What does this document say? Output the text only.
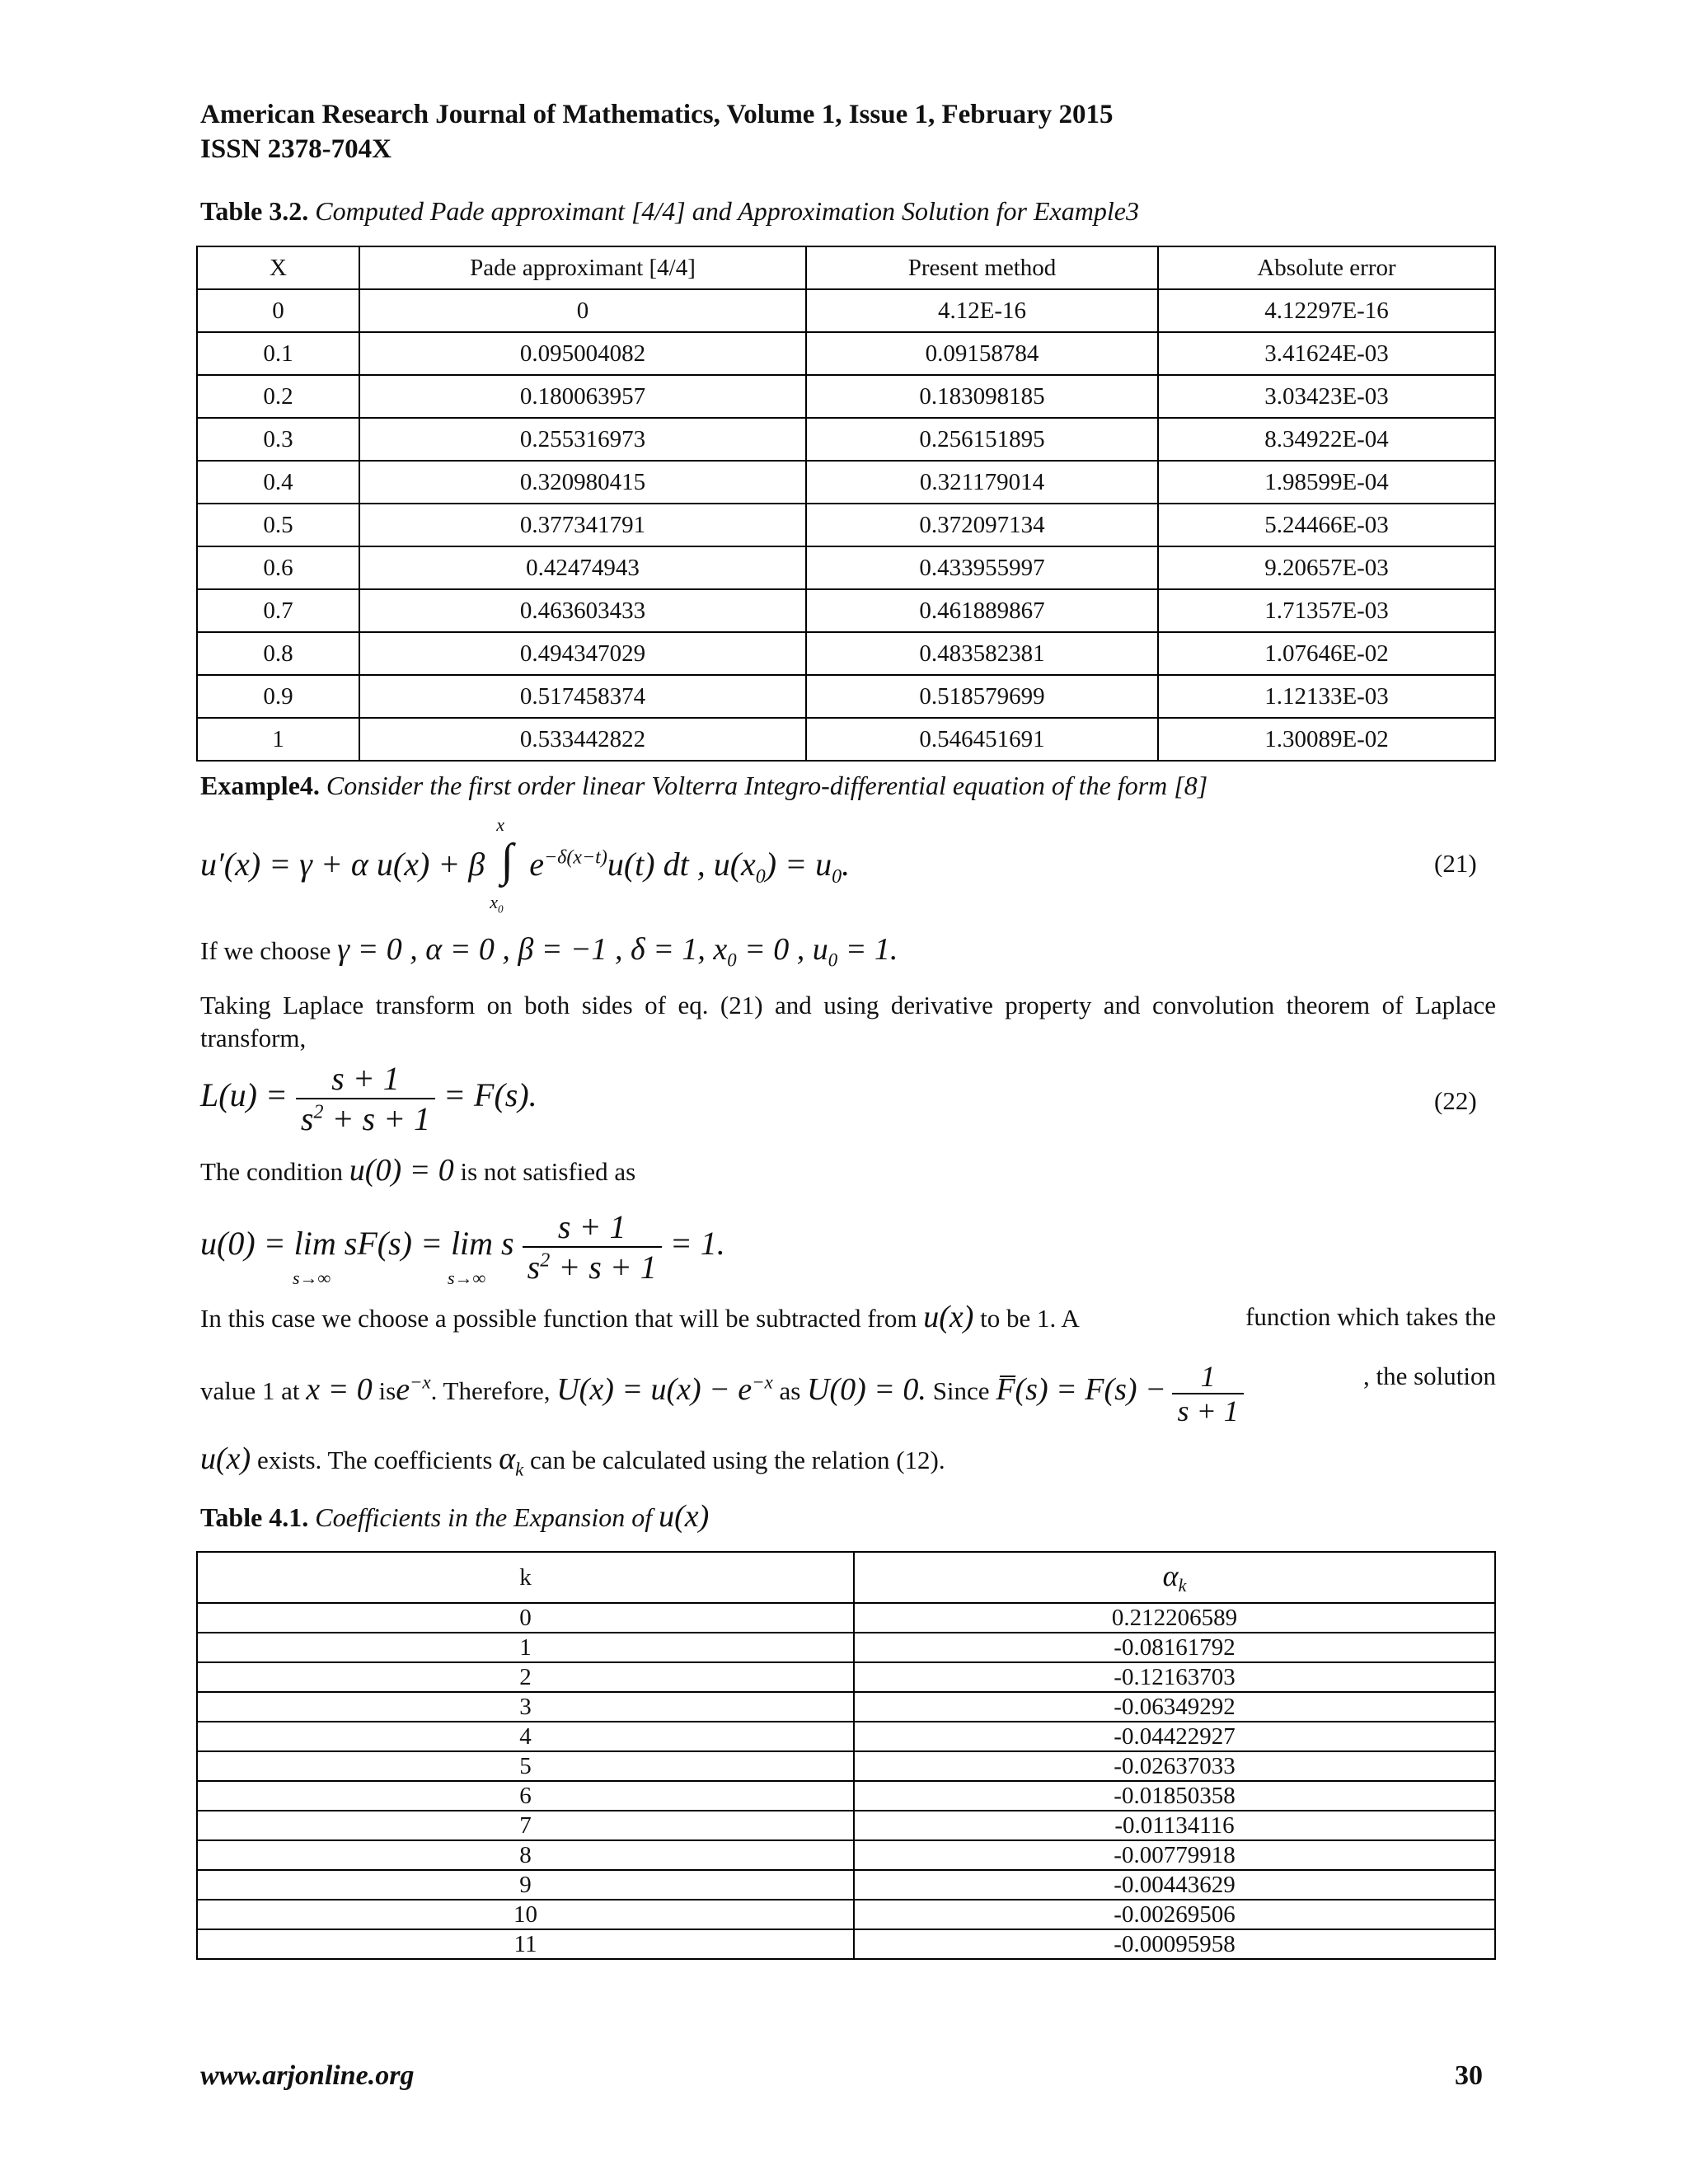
American Research Journal of Mathematics, Volume 1, Issue 1, February 2015
ISSN 2378-704X
Table 3.2. Computed Pade approximant [4/4] and Approximation Solution for Example3
X	Pade approximant [4/4]	Present method	Absolute error
0	0	4.12E-16	4.12297E-16
0.1	0.095004082	0.09158784	3.41624E-03
0.2	0.180063957	0.183098185	3.03423E-03
0.3	0.255316973	0.256151895	8.34922E-04
0.4	0.320980415	0.321179014	1.98599E-04
0.5	0.377341791	0.372097134	5.24466E-03
0.6	0.42474943	0.433955997	9.20657E-03
0.7	0.463603433	0.461889867	1.71357E-03
0.8	0.494347029	0.483582381	1.07646E-02
0.9	0.517458374	0.518579699	1.12133E-03
1	0.533442822	0.546451691	1.30089E-02
Example4. Consider the first order linear Volterra Integro-differential equation of the form [8]
u′(x) = γ + α u(x) + β ∫
x
$x_0$
$e^{-\delta(x-t)}u(t)$ dt , $u(x_0) = u_0$.	(21)
If we choose γ = 0 , α = 0 , β = −1 , δ = 1, $x_0 = 0$ , $u_0 = 1$.
Taking Laplace transform on both sides of eq. (21) and using derivative property and convolution theorem of Laplace transform,
$L(u) = \frac{s + 1}{s^2 + s + 1} = F(s)$.	(22)
The condition u(0) = 0 is not satisfied as
u(0) = lim sF(s) = lim s
s→∞	$s\to\infty \frac{s + 1}{s^2 + s + 1} = 1$.
In this case we choose a possible function that will be subtracted from u(x) to be 1. A	function which takes the
value 1 at x = 0 ise$^{-x}$. Therefore, $U(x) = u(x) - e^{-x}$ as U(0) = 0. Since F̅(s) = $F(s) - \frac{1}{s + 1}$	, the solution
u(x) exists. The coefficients $\alpha_k$ can be calculated using the relation (12).
Table 4.1. Coefficients in the Expansion of u(x)
k	$\alpha_k$
0	0.212206589
1	-0.08161792
2	-0.12163703
3	-0.06349292
4	-0.04422927
5	-0.02637033
6	-0.01850358
7	-0.01134116
8	-0.00779918
9	-0.00443629
10	-0.00269506
11	-0.00095958
www.arjonline.org	30
